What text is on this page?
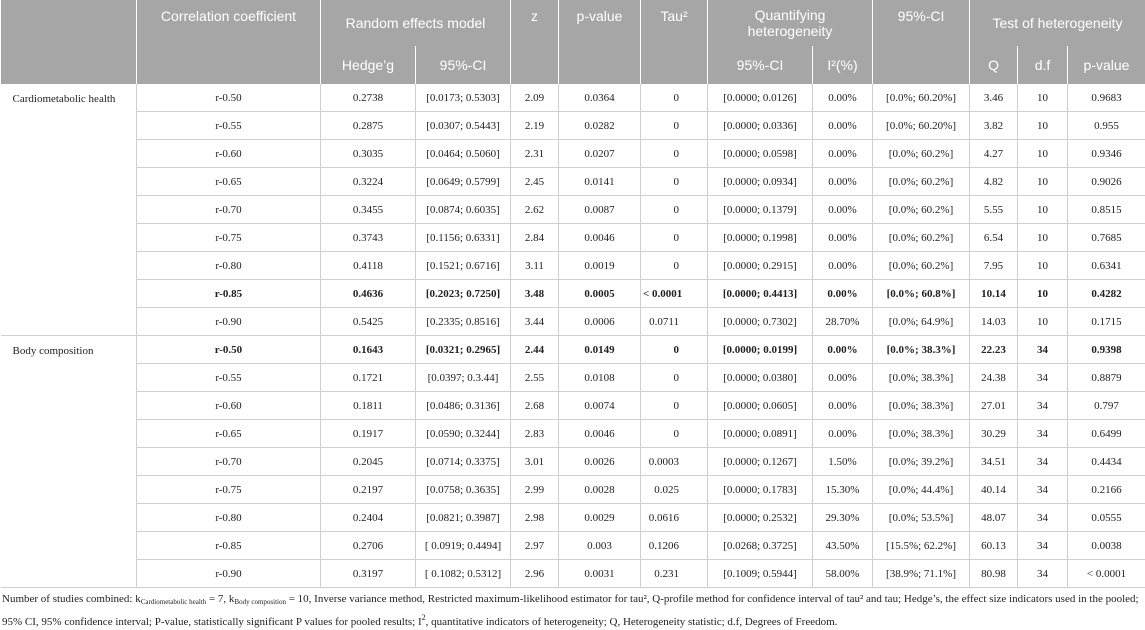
	Correlation coefficient	Random effects model		z	p-value	Tau²	Quantifying heterogeneity		95%-CI	Test of heterogeneity		
		Hedge’g	95%-CI				95%-CI	I²(%)		Q	d.f	p-value
Cardiometabolic health	r-0.50	0.2738	[0.0173; 0.5303]	2.09	0.0364	0	[0.0000; 0.0126]	0.00%	[0.0%; 60.20%]	3.46	10	0.9683
	r-0.55	0.2875	[0.0307; 0.5443]	2.19	0.0282	0	[0.0000; 0.0336]	0.00%	[0.0%; 60.20%]	3.82	10	0.955
	r-0.60	0.3035	[0.0464; 0.5060]	2.31	0.0207	0	[0.0000; 0.0598]	0.00%	[0.0%; 60.2%]	4.27	10	0.9346
	r-0.65	0.3224	[0.0649; 0.5799]	2.45	0.0141	0	[0.0000; 0.0934]	0.00%	[0.0%; 60.2%]	4.82	10	0.9026
	r-0.70	0.3455	[0.0874; 0.6035]	2.62	0.0087	0	[0.0000; 0.1379]	0.00%	[0.0%; 60.2%]	5.55	10	0.8515
	r-0.75	0.3743	[0.1156; 0.6331]	2.84	0.0046	0	[0.0000; 0.1998]	0.00%	[0.0%; 60.2%]	6.54	10	0.7685
	r-0.80	0.4118	[0.1521; 0.6716]	3.11	0.0019	0	[0.0000; 0.2915]	0.00%	[0.0%; 60.2%]	7.95	10	0.6341
	r-0.85	0.4636	[0.2023; 0.7250]	3.48	0.0005	< 0.0001	[0.0000; 0.4413]	0.00%	[0.0%; 60.8%]	10.14	10	0.4282
	r-0.90	0.5425	[0.2335; 0.8516]	3.44	0.0006	0.0711	[0.0000; 0.7302]	28.70%	[0.0%; 64.9%]	14.03	10	0.1715
Body composition	r-0.50	0.1643	[0.0321; 0.2965]	2.44	0.0149	0	[0.0000; 0.0199]	0.00%	[0.0%; 38.3%]	22.23	34	0.9398
	r-0.55	0.1721	[0.0397; 0.3.44]	2.55	0.0108	0	[0.0000; 0.0380]	0.00%	[0.0%; 38.3%]	24.38	34	0.8879
	r-0.60	0.1811	[0.0486; 0.3136]	2.68	0.0074	0	[0.0000; 0.0605]	0.00%	[0.0%; 38.3%]	27.01	34	0.797
	r-0.65	0.1917	[0.0590; 0.3244]	2.83	0.0046	0	[0.0000; 0.0891]	0.00%	[0.0%; 38.3%]	30.29	34	0.6499
	r-0.70	0.2045	[0.0714; 0.3375]	3.01	0.0026	0.0003	[0.0000; 0.1267]	1.50%	[0.0%; 39.2%]	34.51	34	0.4434
	r-0.75	0.2197	[0.0758; 0.3635]	2.99	0.0028	0.025	[0.0000; 0.1783]	15.30%	[0.0%; 44.4%]	40.14	34	0.2166
	r-0.80	0.2404	[0.0821; 0.3987]	2.98	0.0029	0.0616	[0.0000; 0.2532]	29.30%	[0.0%; 53.5%]	48.07	34	0.0555
	r-0.85	0.2706	[ 0.0919; 0.4494]	2.97	0.003	0.1206	[0.0268; 0.3725]	43.50%	[15.5%; 62.2%]	60.13	34	0.0038
	r-0.90	0.3197	[ 0.1082; 0.5312]	2.96	0.0031	0.231	[0.1009; 0.5944]	58.00%	[38.9%; 71.1%]	80.98	34	< 0.0001
Number of studies combined: $k_{Cardiometabolic health} = 7$, $k_{Body composition} = 10$, Inverse variance method, Restricted maximum-likelihood estimator for tau², Q-profile method for confidence interval of tau² and tau; Hedge’s, the effect size indicators used in the pooled; 95% CI, 95% confidence interval; P-value, statistically significant P values for pooled results; $I^2$, quantitative indicators of heterogeneity; Q, Heterogeneity statistic; d.f, Degrees of Freedom.
